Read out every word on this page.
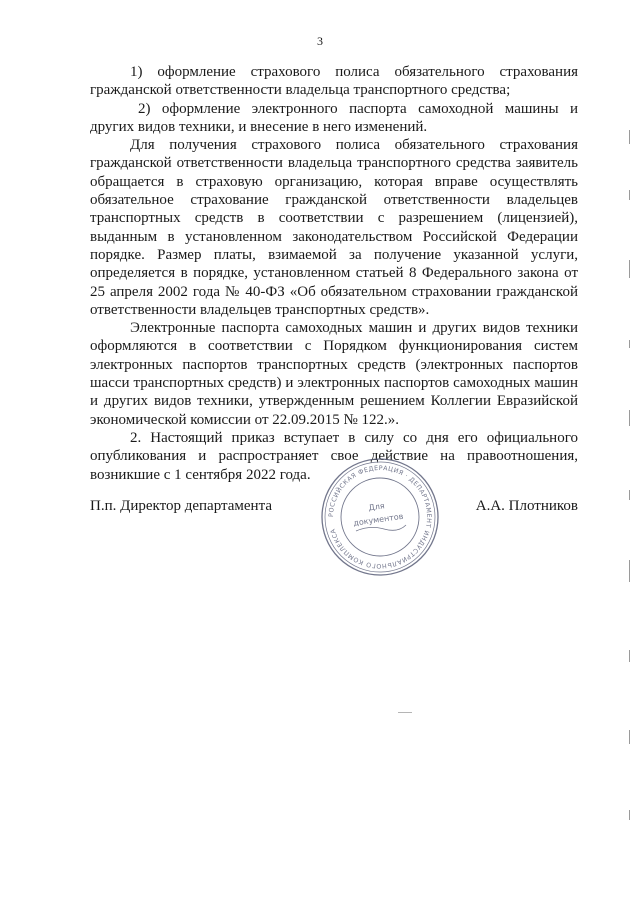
3

1) оформление страхового полиса обязательного страхования гражданской ответственности владельца транспортного средства;

2) оформление электронного паспорта самоходной машины и других видов техники, и внесение в него изменений.

Для получения страхового полиса обязательного страхования гражданской ответственности владельца транспортного средства заявитель обращается в страховую организацию, которая вправе осуществлять обязательное страхование гражданской ответственности владельцев транспортных средств в соответствии с разрешением (лицензией), выданным в установленном законодательством Российской Федерации порядке. Размер платы, взимаемой за получение указанной услуги, определяется в порядке, установленном статьей 8 Федерального закона от 25 апреля 2002 года № 40-ФЗ «Об обязательном страховании гражданской ответственности владельцев транспортных средств».

Электронные паспорта самоходных машин и других видов техники оформляются в соответствии с Порядком функционирования систем электронных паспортов транспортных средств (электронных паспортов шасси транспортных средств) и электронных паспортов самоходных машин и других видов техники, утвержденным решением Коллегии Евразийской экономической комиссии от 22.09.2015 № 122.».

2. Настоящий приказ вступает в силу со дня его официального опубликования и распространяет свое действие на правоотношения, возникшие с 1 сентября 2022 года.

П.п. Директор департамента	А.А. Плотников
РОССИЙСКАЯ ФЕДЕРАЦИЯ · ДЕПАРТАМЕНТ ИНДУСТРИАЛЬНОГО КОМПЛЕКСА
Для
документов
